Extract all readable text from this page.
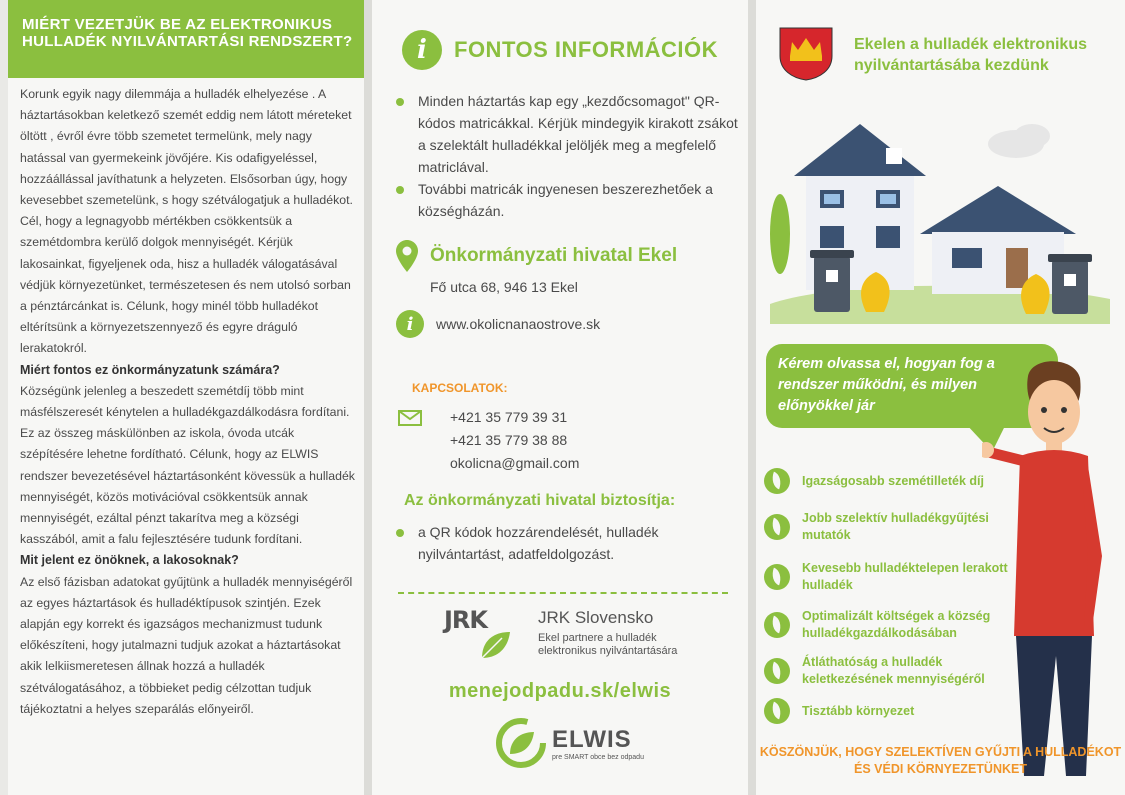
MIÉRT VEZETJÜK BE AZ ELEKTRONIKUS HULLADÉK NYILVÁNTARTÁSI RENDSZERT?

Korunk egyik nagy dilemmája a hulladék elhelyezése . A háztartásokban keletkező szemét eddig nem látott méreteket öltött , évről évre több szemetet termelünk, mely nagy hatással van gyermekeink jövőjére. Kis odafigyeléssel, hozzáállással javíthatunk a helyzeten. Elsősorban úgy, hogy kevesebbet szemetelünk, s hogy szétválogatjuk a hulladékot. Cél, hogy a legnagyobb mértékben csökkentsük a szemétdombra kerülő dolgok mennyiségét. Kérjük lakosainkat, figyeljenek oda, hisz a hulladék válogatásával védjük környezetünket, természetesen és nem utolsó sorban a pénztárcánkat is. Célunk, hogy minél több hulladékot eltérítsünk a környezetszennyező és egyre dráguló lerakatokról.

Miért fontos ez önkormányzatunk számára?

Községünk jelenleg a beszedett szemétdíj több mint másfélszeresét kénytelen a hulladékgazdálkodásra fordítani. Ez az összeg máskülönben az iskola, óvoda utcák szépítésére lehetne fordítható. Célunk, hogy az ELWIS rendszer bevezetésével háztartásonként kövessük a hulladék mennyiségét, közös motivációval csökkentsük annak mennyiségét, ezáltal pénzt takarítva meg a községi kasszából, amit a falu fejlesztésére tudunk fordítani.

Mit jelent ez önöknek, a lakosoknak?

Az első fázisban adatokat gyűjtünk a hulladék mennyiségéről az egyes háztartások és hulladéktípusok szintjén. Ezek alapján egy korrekt és igazságos mechanizmust tudunk előkészíteni, hogy jutalmazni tudjuk azokat a háztartásokat akik lelkiismeretesen állnak hozzá a hulladék szétválogatásához, a többieket pedig célzottan tudjuk tájékoztatni a helyes szeparálás előnyeiről.

i	FONTOS INFORMÁCIÓK
Minden háztartás kap egy „kezdőcsomagot" QR-kódos matricákkal. Kérjük mindegyik kirakott zsákot a szelektált hulladékkal jelöljék meg a megfelelő matriclával.
További matricák ingyenesen beszerezhetőek a községházán.
Önkormányzati hivatal Ekel
Fő utca 68, 946 13 Ekel
i	www.okolicnanaostrove.sk
KAPCSOLATOK:
+421 35 779 39 31
+421 35 779 38 88
okolicna@gmail.com
Az önkormányzati hivatal biztosítja:
a QR kódok hozzárendelését, hulladék nyilvántartást, adatfeldolgozást.
JRK	JRK Slovensko
Ekel partnere a hulladék elektronikus nyilvántartására
menejodpadu.sk/elwis
ELWIS
pre SMART obce bez odpadu
Ekelen a hulladék elektronikus nyilvántartásába kezdünk
Kérem olvassa el, hogyan fog a rendszer működni, és milyen előnyökkel jár
Igazságosabb szemétilleték díj
Jobb szelektív hulladékgyűjtési mutatók
Kevesebb hulladéktelepen lerakott hulladék
Optimalizált költségek a község hulladékgazdálkodásában
Átláthatóság a hulladék keletkezésének mennyiségéről
Tisztább környezet
KÖSZÖNJÜK, HOGY SZELEKTÍVEN GYŰJTI A HULLADÉKOT ÉS VÉDI KÖRNYEZETÜNKET
